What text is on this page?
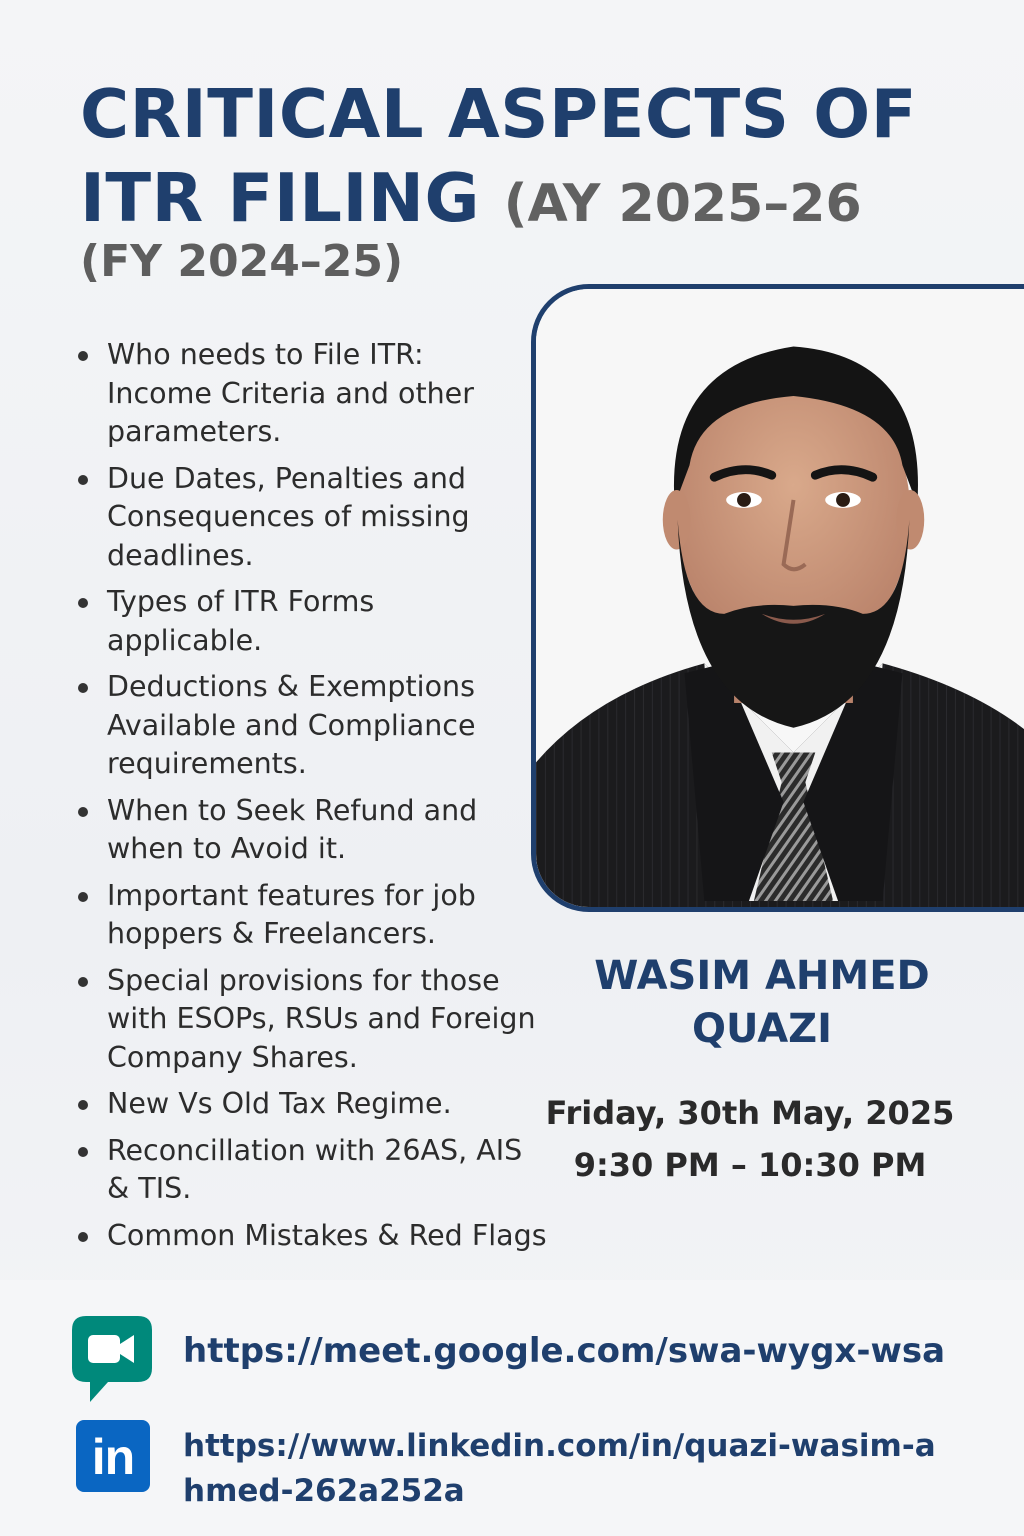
CRITICAL ASPECTS OF
ITR FILING (AY 2025–26
(FY 2024–25)
Who needs to File ITR: Income Criteria and other parameters.
Due Dates, Penalties and Consequences of missing deadlines.
Types of ITR Forms applicable.
Deductions & Exemptions Available and Compliance requirements.
When to Seek Refund and when to Avoid it.
Important features for job hoppers & Freelancers.
Special provisions for those with ESOPs, RSUs and Foreign Company Shares.
New Vs Old Tax Regime.
Reconcillation with 26AS, AIS & TIS.
Common Mistakes & Red Flags
WASIM AHMED
QUAZI
Friday, 30th May, 2025
9:30 PM – 10:30 PM
https://meet.google.com/swa-wygx-wsa
in	https://www.linkedin.com/in/quazi-wasim-ahmed-262a252a
